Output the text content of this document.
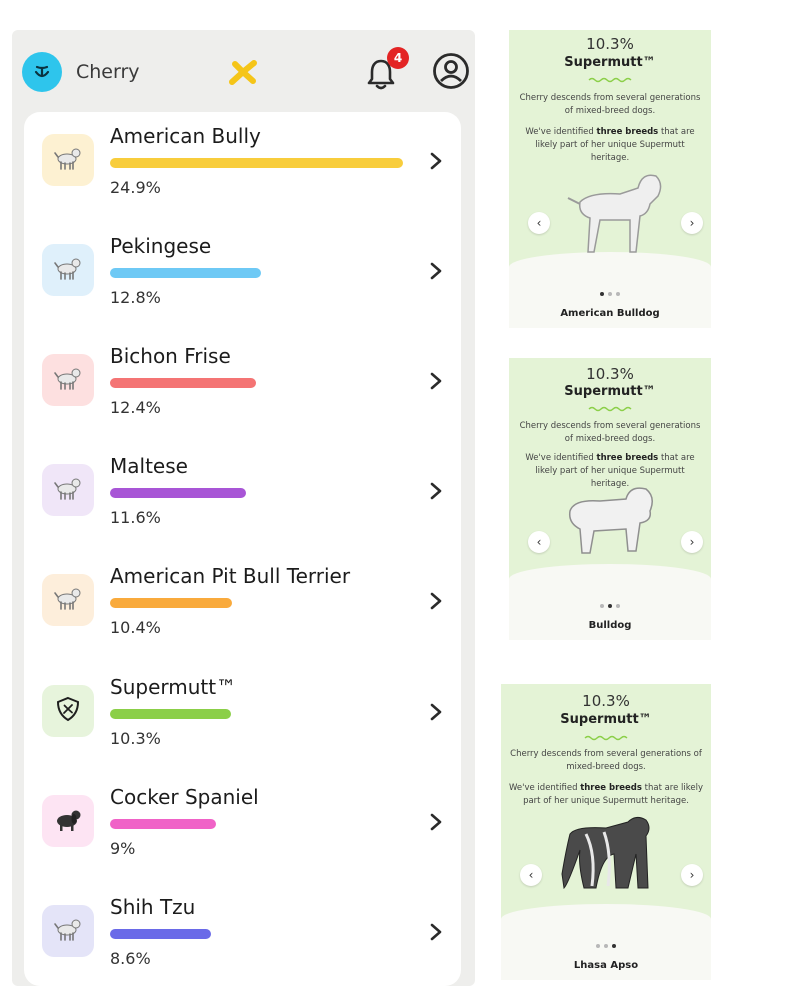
Cherry
4
American Bully
24.9%
Pekingese
12.8%
Bichon Frise
12.4%
Maltese
11.6%
American Pit Bull Terrier
10.4%
Supermutt™
10.3%
Cocker Spaniel
9%
Shih Tzu
8.6%
10.3%
Supermutt™
Cherry descends from several generations of mixed-breed dogs.
We've identified three breeds that are likely part of her unique Supermutt heritage.
‹	›
American Bulldog
10.3%
Supermutt™
Cherry descends from several generations of mixed-breed dogs.
We've identified three breeds that are likely part of her unique Supermutt heritage.
‹	›
Bulldog
10.3%
Supermutt™
Cherry descends from several generations of mixed-breed dogs.
We've identified three breeds that are likely part of her unique Supermutt heritage.
‹	›
Lhasa Apso
